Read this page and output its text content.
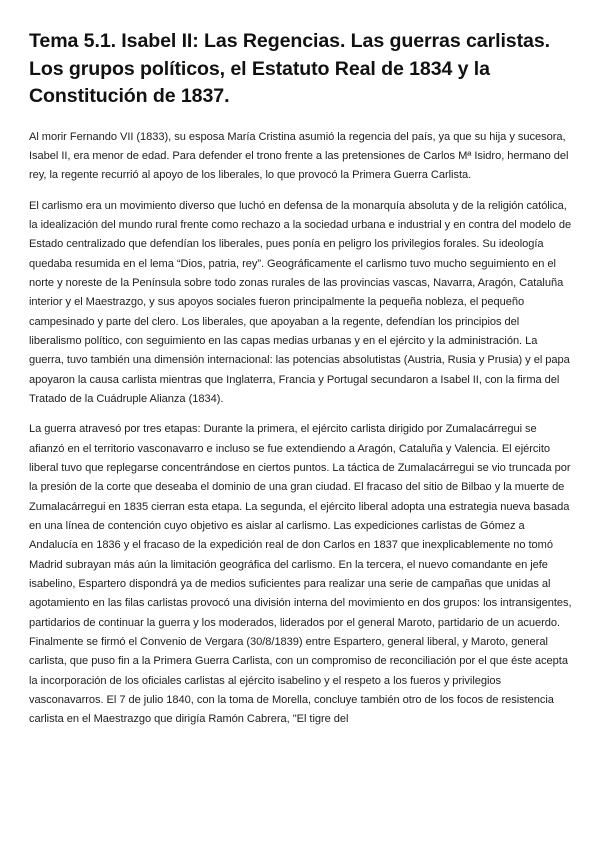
Tema 5.1. Isabel II: Las Regencias. Las guerras carlistas. Los grupos políticos, el Estatuto Real de 1834 y la Constitución de 1837.

Al morir Fernando VII (1833), su esposa María Cristina asumió la regencia del país, ya que su hija y sucesora, Isabel II, era menor de edad. Para defender el trono frente a las pretensiones de Carlos Mª Isidro, hermano del rey, la regente recurrió al apoyo de los liberales, lo que provocó la Primera Guerra Carlista.

El carlismo era un movimiento diverso que luchó en defensa de la monarquía absoluta y de la religión católica, la idealización del mundo rural frente como rechazo a la sociedad urbana e industrial y en contra del modelo de Estado centralizado que defendían los liberales, pues ponía en peligro los privilegios forales. Su ideología quedaba resumida en el lema “Dios, patria, rey”. Geográficamente el carlismo tuvo mucho seguimiento en el norte y noreste de la Península sobre todo zonas rurales de las provincias vascas, Navarra, Aragón, Cataluña interior y el Maestrazgo, y sus apoyos sociales fueron principalmente la pequeña nobleza, el pequeño campesinado y parte del clero. Los liberales, que apoyaban a la regente, defendían los principios del liberalismo político, con seguimiento en las capas medias urbanas y en el ejército y la administración. La guerra, tuvo también una dimensión internacional: las potencias absolutistas (Austria, Rusia y Prusia) y el papa apoyaron la causa carlista mientras que Inglaterra, Francia y Portugal secundaron a Isabel II, con la firma del Tratado de la Cuádruple Alianza (1834).

La guerra atravesó por tres etapas: Durante la primera, el ejército carlista dirigido por Zumalacárregui se afianzó en el territorio vasconavarro e incluso se fue extendiendo a Aragón, Cataluña y Valencia. El ejército liberal tuvo que replegarse concentrándose en ciertos puntos. La táctica de Zumalacárregui se vio truncada por la presión de la corte que deseaba el dominio de una gran ciudad. El fracaso del sitio de Bilbao y la muerte de Zumalacárregui en 1835 cierran esta etapa. La segunda, el ejército liberal adopta una estrategia nueva basada en una línea de contención cuyo objetivo es aislar al carlismo. Las expediciones carlistas de Gómez a Andalucía en 1836 y el fracaso de la expedición real de don Carlos en 1837 que inexplicablemente no tomó Madrid subrayan más aún la limitación geográfica del carlismo. En la tercera, el nuevo comandante en jefe isabelino, Espartero dispondrá ya de medios suficientes para realizar una serie de campañas que unidas al agotamiento en las filas carlistas provocó una división interna del movimiento en dos grupos: los intransigentes, partidarios de continuar la guerra y los moderados, liderados por el general Maroto, partidario de un acuerdo. Finalmente se firmó el Convenio de Vergara (30/8/1839) entre Espartero, general liberal, y Maroto, general carlista, que puso fin a la Primera Guerra Carlista, con un compromiso de reconciliación por el que éste acepta la incorporación de los oficiales carlistas al ejército isabelino y el respeto a los fueros y privilegios vasconavarros. El 7 de julio 1840, con la toma de Morella, concluye también otro de los focos de resistencia carlista en el Maestrazgo que dirigía Ramón Cabrera, "El tigre del
